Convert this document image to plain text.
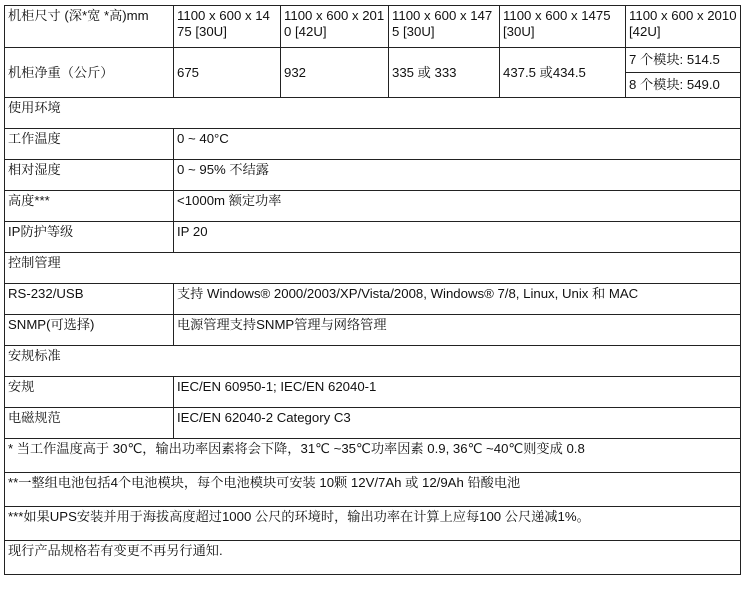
机柜尺寸 (深*宽 *高)mm	1100 x 600 x 1475 [30U]	1100 x 600 x 2010 [42U]	1100 x 600 x 1475 [30U]	1100 x 600 x 1475 [30U]	1100 x 600 x 2010 [42U]
机柜净重（公斤）	675	932	335 或 333	437.5 或434.5	7 个模块: 514.5
					8 个模块: 549.0
使用环境					
工作温度	0 ~ 40°C				
相对湿度	0 ~ 95% 不结露				
高度***	<1000m 额定功率				
IP防护等级	IP 20				
控制管理					
RS-232/USB	支持 Windows® 2000/2003/XP/Vista/2008, Windows® 7/8, Linux, Unix 和 MAC				
SNMP(可选择)	电源管理支持SNMP管理与网络管理				
安规标准					
安规	IEC/EN 60950-1; IEC/EN 62040-1				
电磁规范	IEC/EN 62040-2 Category C3				
* 当工作温度高于 30℃，输出功率因素将会下降，31℃ ~35℃功率因素 0.9, 36℃ ~40℃则变成 0.8					
**一整组电池包括4个电池模块，每个电池模块可安装 10颗 12V/7Ah 或 12/9Ah 铅酸电池					
***如果UPS安装并用于海拔高度超过1000 公尺的环境时，输出功率在计算上应每100 公尺递减1%。					
现行产品规格若有变更不再另行通知.					
